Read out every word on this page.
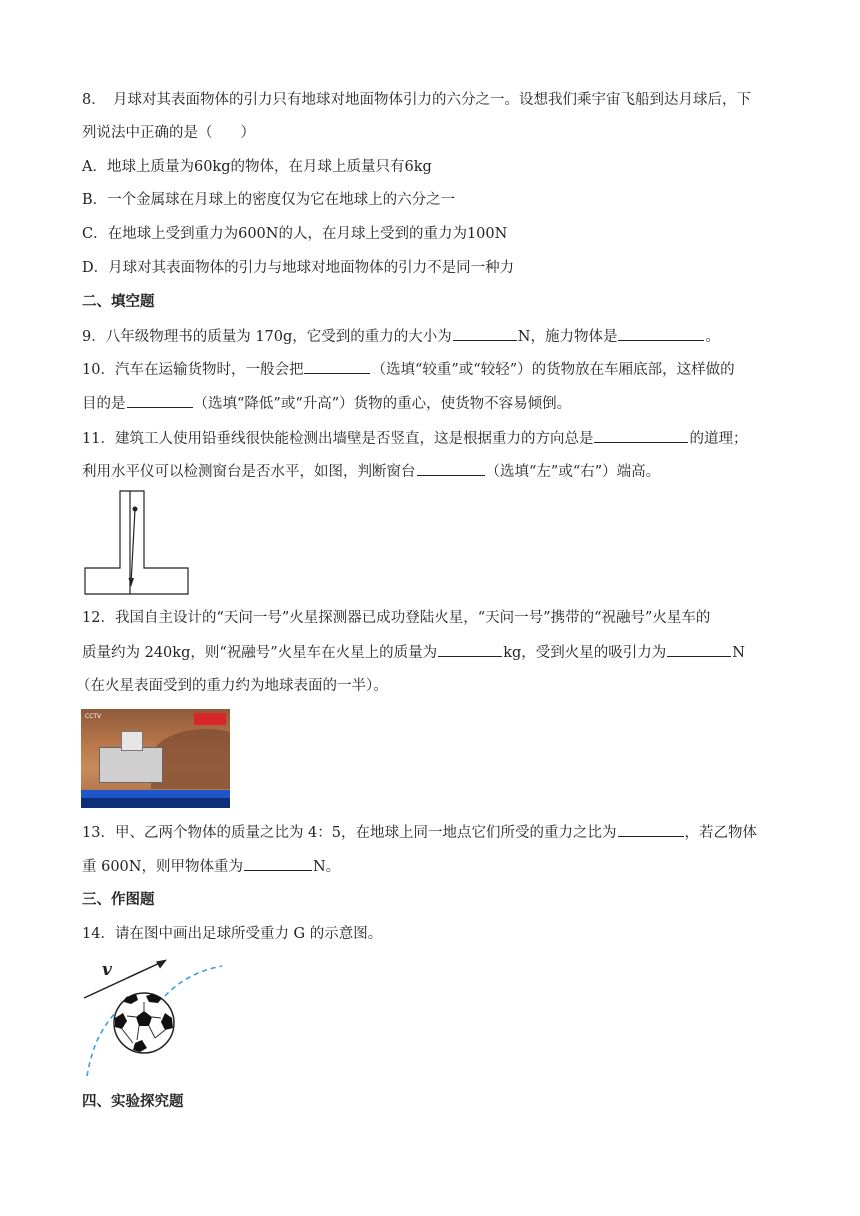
8．　月球对其表面物体的引力只有地球对地面物体引力的六分之一。设想我们乘宇宙飞船到达月球后，下
列说法中正确的是（ ）
A．地球上质量为60kg的物体，在月球上质量只有6kg
B．一个金属球在月球上的密度仅为它在地球上的六分之一
C．在地球上受到重力为600N的人，在月球上受到的重力为100N
D．月球对其表面物体的引力与地球对地面物体的引力不是同一种力
二、填空题
9．八年级物理书的质量为 170g，它受到的重力的大小为	N，施力物体是	。
10．汽车在运输货物时，一般会把	（选填“较重”或“较轻”）的货物放在车厢底部，这样做的
目的是	（选填“降低”或“升高”）货物的重心，使货物不容易倾倒。
11．建筑工人使用铅垂线很快能检测出墙壁是否竖直，这是根据重力的方向总是	的道理；
利用水平仪可以检测窗台是否水平，如图，判断窗台	（选填“左”或“右”）端高。
12．我国自主设计的“天问一号”火星探测器已成功登陆火星，“天问一号”携带的“祝融号”火星车的
质量约为 240kg，则“祝融号”火星车在火星上的质量为	kg，受到火星的吸引力为	N
（在火星表面受到的重力约为地球表面的一半）。
CCTV
13．甲、乙两个物体的质量之比为 4：5，在地球上同一地点它们所受的重力之比为	，若乙物体
重 600N，则甲物体重为	N。
三、作图题
14．请在图中画出足球所受重力 G 的示意图。
v
四、实验探究题
